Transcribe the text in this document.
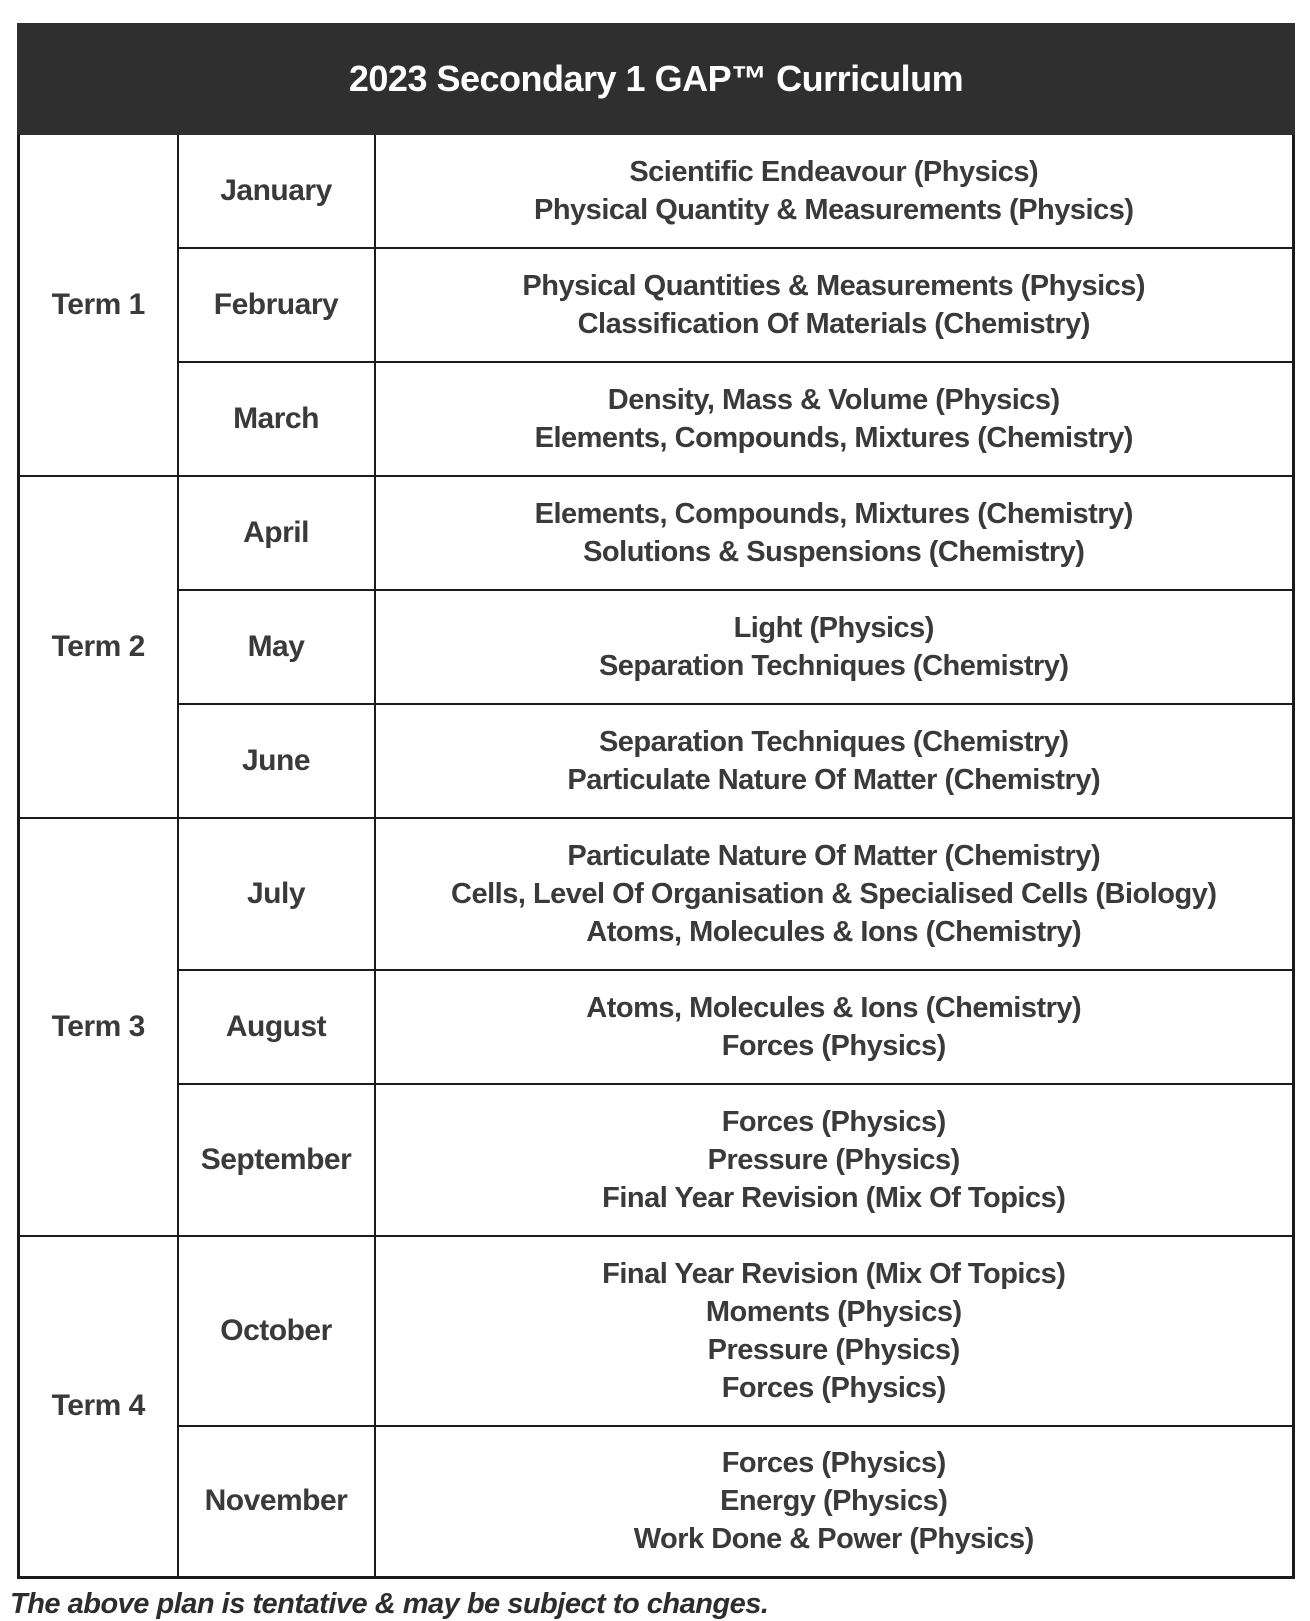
2023 Secondary 1 GAP™ Curriculum		
Term 1	January	Scientific Endeavour (Physics)
Physical Quantity & Measurements (Physics)

	February	Physical Quantities & Measurements (Physics)
Classification Of Materials (Chemistry)

	March	Density, Mass & Volume (Physics)
Elements, Compounds, Mixtures (Chemistry)

Term 2	April	Elements, Compounds, Mixtures (Chemistry)
Solutions & Suspensions (Chemistry)

	May	Light (Physics)
Separation Techniques (Chemistry)

	June	Separation Techniques (Chemistry)
Particulate Nature Of Matter (Chemistry)

Term 3	July	Particulate Nature Of Matter (Chemistry)
Cells, Level Of Organisation & Specialised Cells (Biology)
Atoms, Molecules & Ions (Chemistry)

	August	Atoms, Molecules & Ions (Chemistry)
Forces (Physics)

	September	Forces (Physics)
Pressure (Physics)
Final Year Revision (Mix Of Topics)

Term 4	October	Final Year Revision (Mix Of Topics)
Moments (Physics)
Pressure (Physics)
Forces (Physics)

	November	Forces (Physics)
Energy (Physics)
Work Done & Power (Physics)
The above plan is tentative & may be subject to changes.
